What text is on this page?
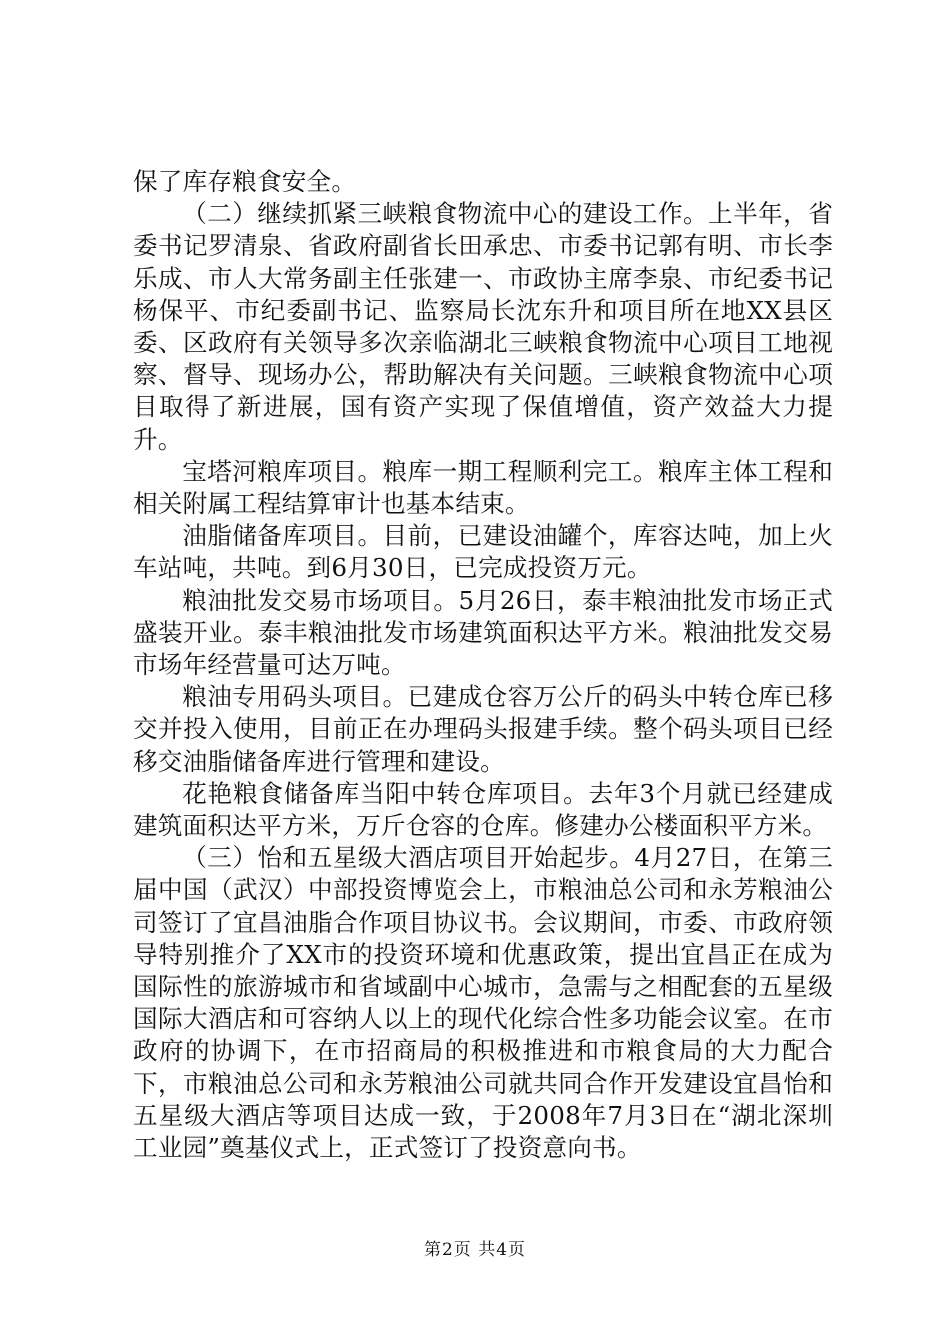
保了库存粮食安全。

（二）继续抓紧三峡粮食物流中心的建设工作。上半年，省委书记罗清泉、省政府副省长田承忠、市委书记郭有明、市长李乐成、市人大常务副主任张建一、市政协主席李泉、市纪委书记杨保平、市纪委副书记、监察局长沈东升和项目所在地XX县区委、区政府有关领导多次亲临湖北三峡粮食物流中心项目工地视察、督导、现场办公，帮助解决有关问题。三峡粮食物流中心项目取得了新进展，国有资产实现了保值增值，资产效益大力提升。

宝塔河粮库项目。粮库一期工程顺利完工。粮库主体工程和相关附属工程结算审计也基本结束。

油脂储备库项目。目前，已建设油罐个，库容达吨，加上火车站吨，共吨。到6月30日，已完成投资万元。

粮油批发交易市场项目。5月26日，泰丰粮油批发市场正式盛装开业。泰丰粮油批发市场建筑面积达平方米。粮油批发交易市场年经营量可达万吨。

粮油专用码头项目。已建成仓容万公斤的码头中转仓库已移交并投入使用，目前正在办理码头报建手续。整个码头项目已经移交油脂储备库进行管理和建设。

花艳粮食储备库当阳中转仓库项目。去年3个月就已经建成建筑面积达平方米，万斤仓容的仓库。修建办公楼面积平方米。

（三）怡和五星级大酒店项目开始起步。4月27日，在第三届中国（武汉）中部投资博览会上，市粮油总公司和永芳粮油公司签订了宜昌油脂合作项目协议书。会议期间，市委、市政府领导特别推介了XX市的投资环境和优惠政策，提出宜昌正在成为国际性的旅游城市和省域副中心城市，急需与之相配套的五星级国际大酒店和可容纳人以上的现代化综合性多功能会议室。在市政府的协调下，在市招商局的积极推进和市粮食局的大力配合下，市粮油总公司和永芳粮油公司就共同合作开发建设宜昌怡和五星级大酒店等项目达成一致，于2008年7月3日在“湖北深圳工业园”奠基仪式上，正式签订了投资意向书。

第2页 共4页
